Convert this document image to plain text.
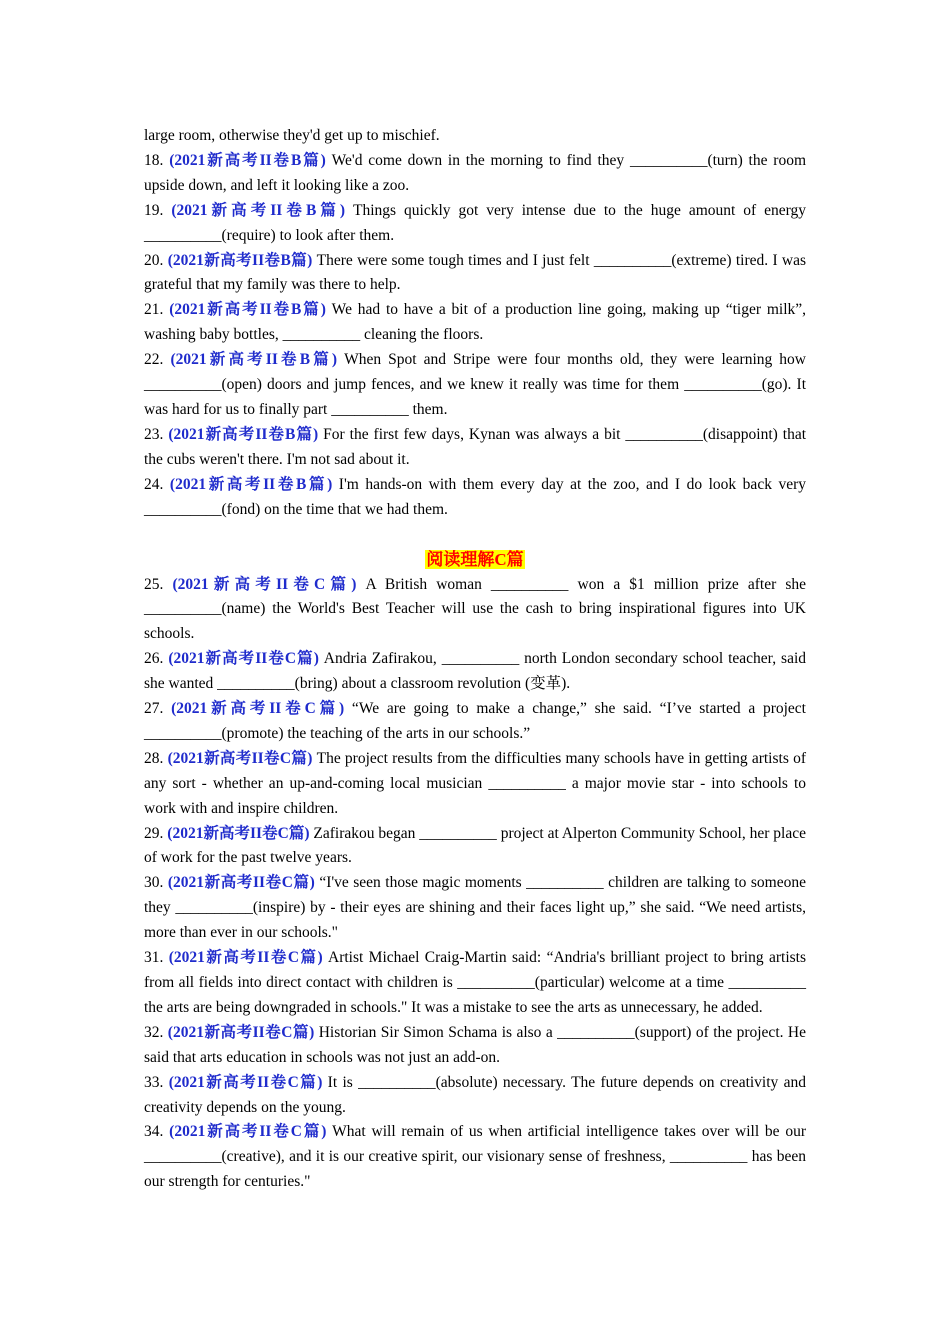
large room, otherwise they'd get up to mischief.

18. (2021新高考II卷B篇) We'd come down in the morning to find they __________(turn) the room upside down, and left it looking like a zoo.

19. (2021新高考II卷B篇) Things quickly got very intense due to the huge amount of energy __________(require) to look after them.

20. (2021新高考II卷B篇) There were some tough times and I just felt __________(extreme) tired. I was grateful that my family was there to help.

21. (2021新高考II卷B篇) We had to have a bit of a production line going, making up “tiger milk”, washing baby bottles, __________ cleaning the floors.

22. (2021新高考II卷B篇) When Spot and Stripe were four months old, they were learning how __________(open) doors and jump fences, and we knew it really was time for them __________(go). It was hard for us to finally part __________ them.

23. (2021新高考II卷B篇) For the first few days, Kynan was always a bit __________(disappoint) that the cubs weren't there. I'm not sad about it.

24. (2021新高考II卷B篇) I'm hands-on with them every day at the zoo, and I do look back very __________(fond) on the time that we had them.

阅读理解C篇

25. (2021新高考II卷C篇) A British woman __________ won a $1 million prize after she __________(name) the World's Best Teacher will use the cash to bring inspirational figures into UK schools.

26. (2021新高考II卷C篇) Andria Zafirakou, __________ north London secondary school teacher, said she wanted __________(bring) about a classroom revolution (变革).

27. (2021新高考II卷C篇) “We are going to make a change,” she said. “I’ve started a project __________(promote) the teaching of the arts in our schools.”

28. (2021新高考II卷C篇) The project results from the difficulties many schools have in getting artists of any sort - whether an up-and-coming local musician __________ a major movie star - into schools to work with and inspire children.

29. (2021新高考II卷C篇) Zafirakou began __________ project at Alperton Community School, her place of work for the past twelve years.

30. (2021新高考II卷C篇) “I've seen those magic moments __________ children are talking to someone they __________(inspire) by - their eyes are shining and their faces light up,” she said. “We need artists, more than ever in our schools."

31. (2021新高考II卷C篇) Artist Michael Craig-Martin said: “Andria's brilliant project to bring artists from all fields into direct contact with children is __________(particular) welcome at a time __________ the arts are being downgraded in schools." It was a mistake to see the arts as unnecessary, he added.

32. (2021新高考II卷C篇) Historian Sir Simon Schama is also a __________(support) of the project. He said that arts education in schools was not just an add-on.

33. (2021新高考II卷C篇) It is __________(absolute) necessary. The future depends on creativity and creativity depends on the young.

34. (2021新高考II卷C篇) What will remain of us when artificial intelligence takes over will be our __________(creative), and it is our creative spirit, our visionary sense of freshness, __________ has been our strength for centuries."
